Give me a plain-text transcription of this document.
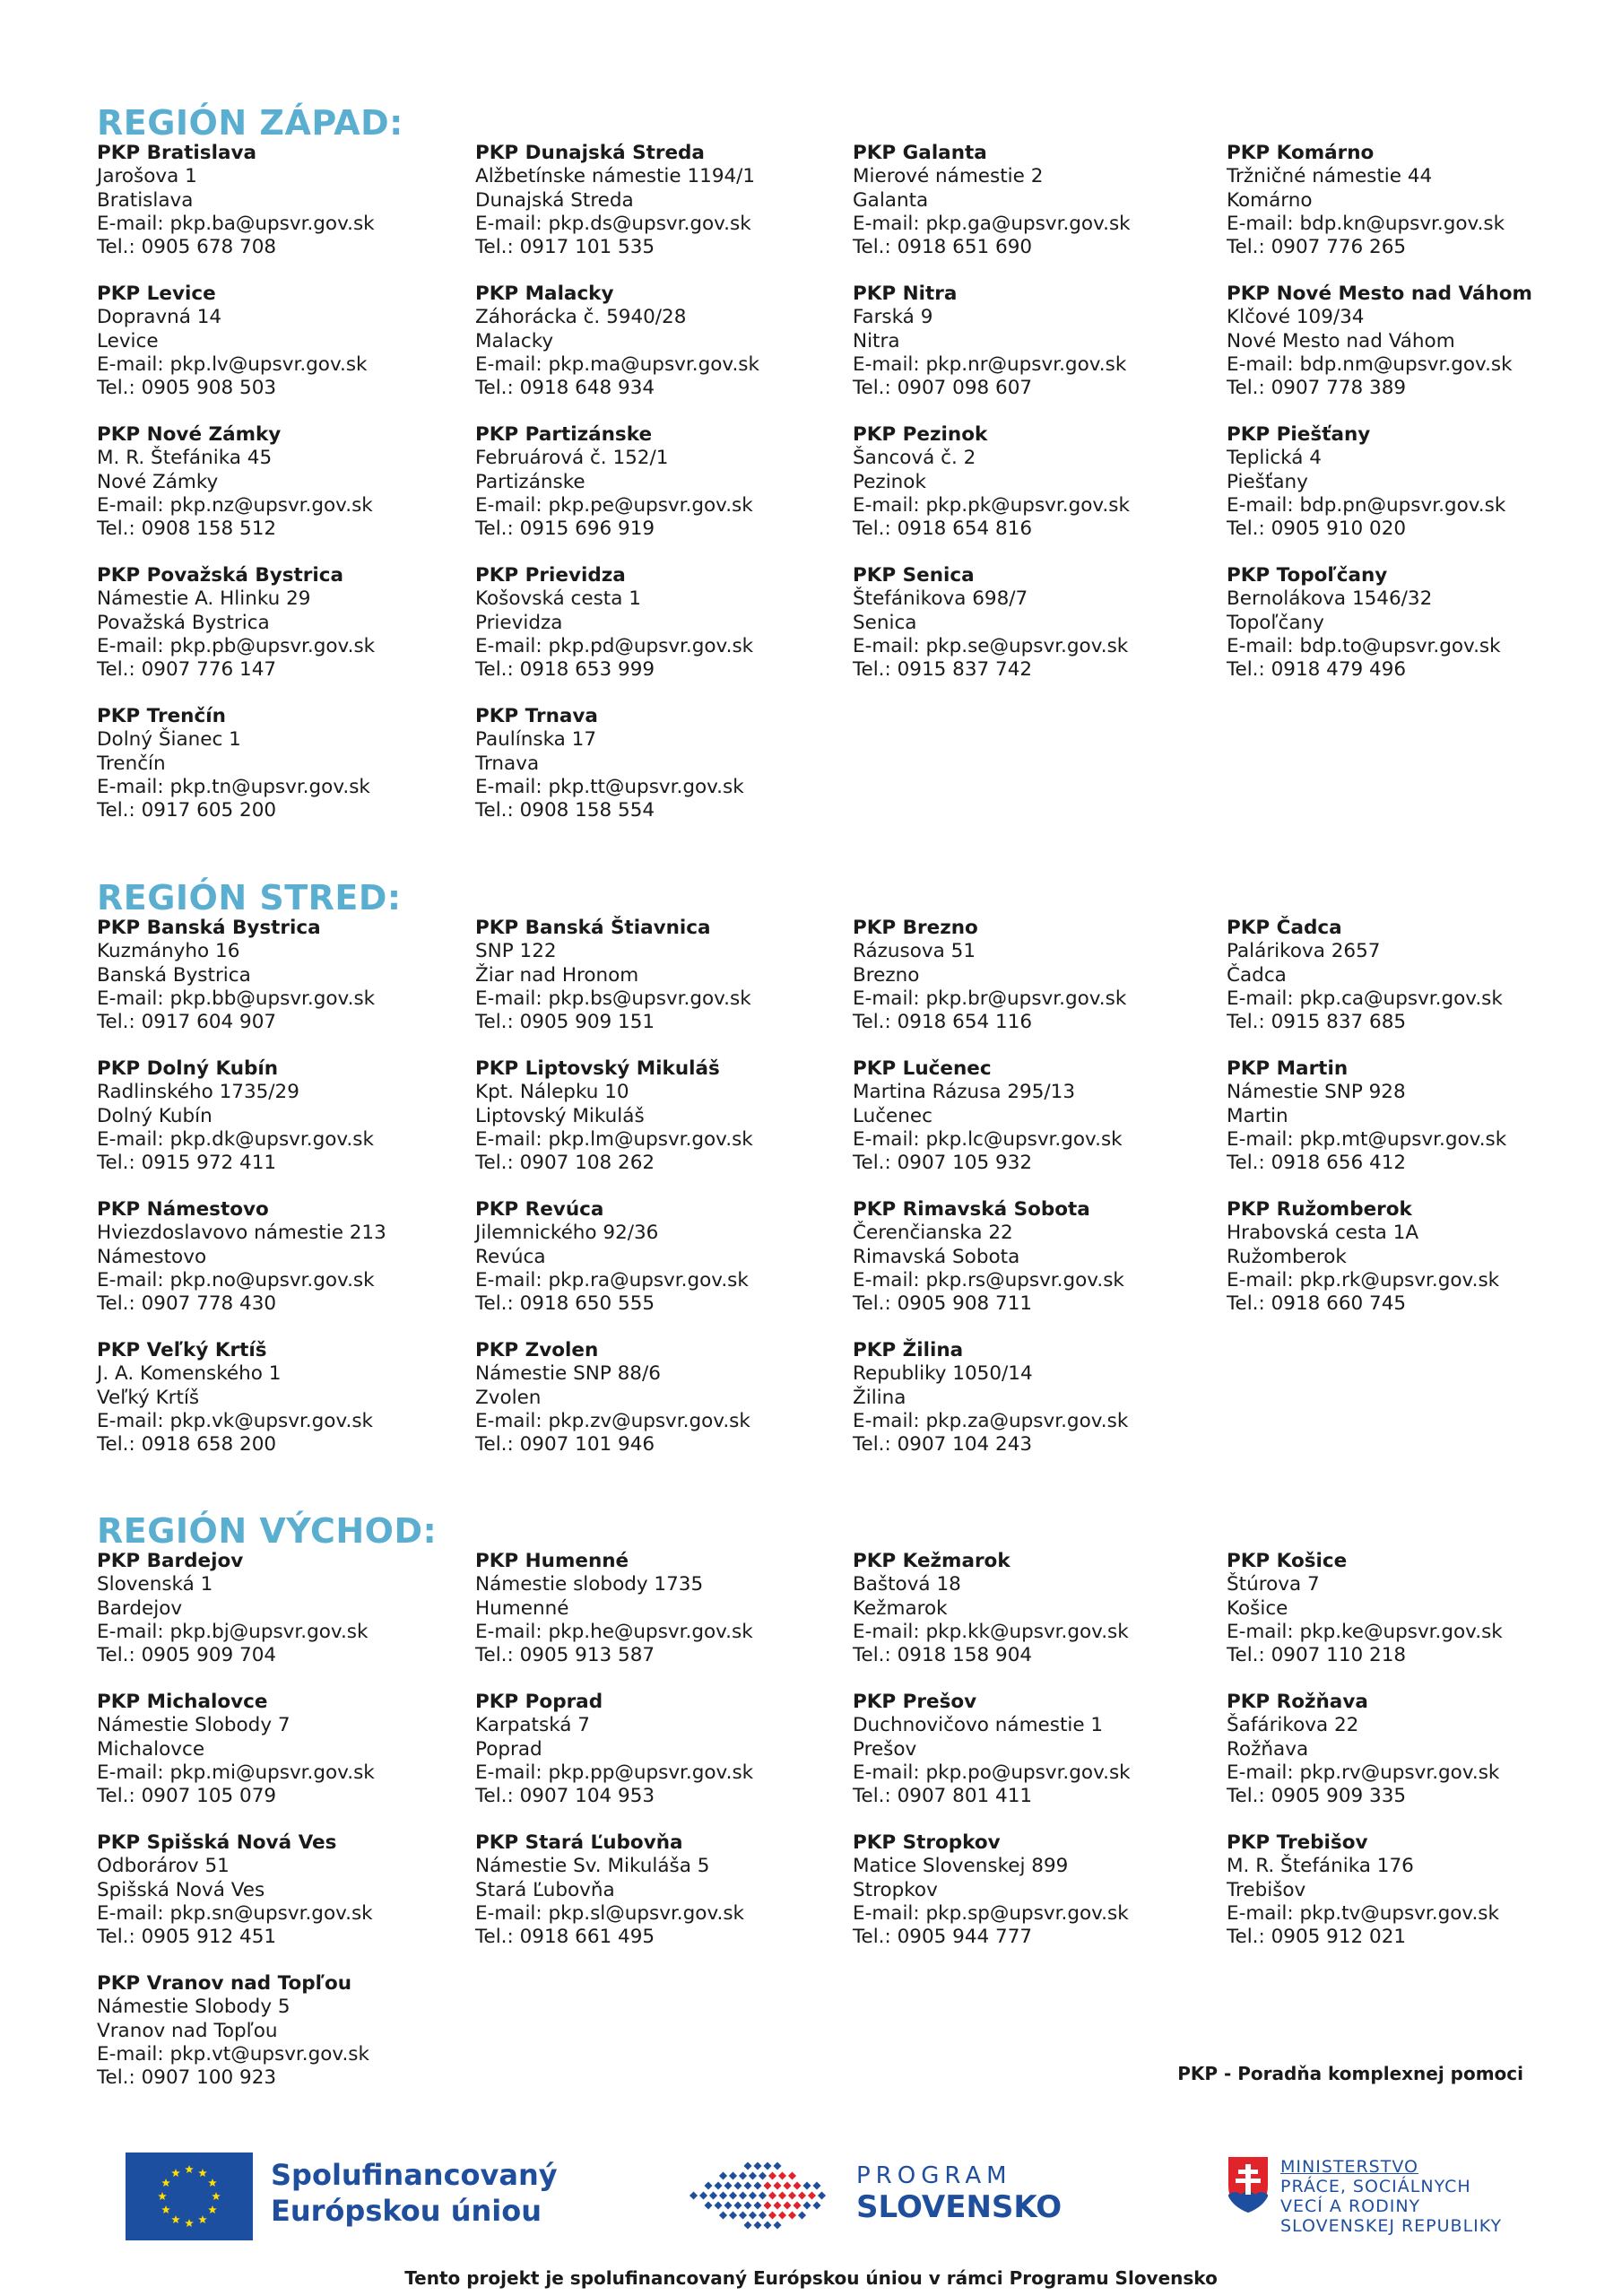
REGIÓN ZÁPAD:
PKP Bratislava
Jarošova 1
Bratislava
E-mail: pkp.ba@upsvr.gov.sk
Tel.: 0905 678 708
PKP Dunajská Streda
Alžbetínske námestie 1194/1
Dunajská Streda
E-mail: pkp.ds@upsvr.gov.sk
Tel.: 0917 101 535
PKP Galanta
Mierové námestie 2
Galanta
E-mail: pkp.ga@upsvr.gov.sk
Tel.: 0918 651 690
PKP Komárno
Tržničné námestie 44
Komárno
E-mail: bdp.kn@upsvr.gov.sk
Tel.: 0907 776 265
PKP Levice
Dopravná 14
Levice
E-mail: pkp.lv@upsvr.gov.sk
Tel.: 0905 908 503
PKP Malacky
Záhorácka č. 5940/28
Malacky
E-mail: pkp.ma@upsvr.gov.sk
Tel.: 0918 648 934
PKP Nitra
Farská 9
Nitra
E-mail: pkp.nr@upsvr.gov.sk
Tel.: 0907 098 607
PKP Nové Mesto nad Váhom
Klčové 109/34
Nové Mesto nad Váhom
E-mail: bdp.nm@upsvr.gov.sk
Tel.: 0907 778 389
PKP Nové Zámky
M. R. Štefánika 45
Nové Zámky
E-mail: pkp.nz@upsvr.gov.sk
Tel.: 0908 158 512
PKP Partizánske
Februárová č. 152/1
Partizánske
E-mail: pkp.pe@upsvr.gov.sk
Tel.: 0915 696 919
PKP Pezinok
Šancová č. 2
Pezinok
E-mail: pkp.pk@upsvr.gov.sk
Tel.: 0918 654 816
PKP Piešťany
Teplická 4
Piešťany
E-mail: bdp.pn@upsvr.gov.sk
Tel.: 0905 910 020
PKP Považská Bystrica
Námestie A. Hlinku 29
Považská Bystrica
E-mail: pkp.pb@upsvr.gov.sk
Tel.: 0907 776 147
PKP Prievidza
Košovská cesta 1
Prievidza
E-mail: pkp.pd@upsvr.gov.sk
Tel.: 0918 653 999
PKP Senica
Štefánikova 698/7
Senica
E-mail: pkp.se@upsvr.gov.sk
Tel.: 0915 837 742
PKP Topoľčany
Bernolákova 1546/32
Topoľčany
E-mail: bdp.to@upsvr.gov.sk
Tel.: 0918 479 496
PKP Trenčín
Dolný Šianec 1
Trenčín
E-mail: pkp.tn@upsvr.gov.sk
Tel.: 0917 605 200
PKP Trnava
Paulínska 17
Trnava
E-mail: pkp.tt@upsvr.gov.sk
Tel.: 0908 158 554
REGIÓN STRED:
PKP Banská Bystrica
Kuzmányho 16
Banská Bystrica
E-mail: pkp.bb@upsvr.gov.sk
Tel.: 0917 604 907
PKP Banská Štiavnica
SNP 122
Žiar nad Hronom
E-mail: pkp.bs@upsvr.gov.sk
Tel.: 0905 909 151
PKP Brezno
Rázusova 51
Brezno
E-mail: pkp.br@upsvr.gov.sk
Tel.: 0918 654 116
PKP Čadca
Palárikova 2657
Čadca
E-mail: pkp.ca@upsvr.gov.sk
Tel.: 0915 837 685
PKP Dolný Kubín
Radlinského 1735/29
Dolný Kubín
E-mail: pkp.dk@upsvr.gov.sk
Tel.: 0915 972 411
PKP Liptovský Mikuláš
Kpt. Nálepku 10
Liptovský Mikuláš
E-mail: pkp.lm@upsvr.gov.sk
Tel.: 0907 108 262
PKP Lučenec
Martina Rázusa 295/13
Lučenec
E-mail: pkp.lc@upsvr.gov.sk
Tel.: 0907 105 932
PKP Martin
Námestie SNP 928
Martin
E-mail: pkp.mt@upsvr.gov.sk
Tel.: 0918 656 412
PKP Námestovo
Hviezdoslavovo námestie 213
Námestovo
E-mail: pkp.no@upsvr.gov.sk
Tel.: 0907 778 430
PKP Revúca
Jilemnického 92/36
Revúca
E-mail: pkp.ra@upsvr.gov.sk
Tel.: 0918 650 555
PKP Rimavská Sobota
Čerenčianska 22
Rimavská Sobota
E-mail: pkp.rs@upsvr.gov.sk
Tel.: 0905 908 711
PKP Ružomberok
Hrabovská cesta 1A
Ružomberok
E-mail: pkp.rk@upsvr.gov.sk
Tel.: 0918 660 745
PKP Veľký Krtíš
J. A. Komenského 1
Veľký Krtíš
E-mail: pkp.vk@upsvr.gov.sk
Tel.: 0918 658 200
PKP Zvolen
Námestie SNP 88/6
Zvolen
E-mail: pkp.zv@upsvr.gov.sk
Tel.: 0907 101 946
PKP Žilina
Republiky 1050/14
Žilina
E-mail: pkp.za@upsvr.gov.sk
Tel.: 0907 104 243
REGIÓN VÝCHOD:
PKP Bardejov
Slovenská 1
Bardejov
E-mail: pkp.bj@upsvr.gov.sk
Tel.: 0905 909 704
PKP Humenné
Námestie slobody 1735
Humenné
E-mail: pkp.he@upsvr.gov.sk
Tel.: 0905 913 587
PKP Kežmarok
Baštová 18
Kežmarok
E-mail: pkp.kk@upsvr.gov.sk
Tel.: 0918 158 904
PKP Košice
Štúrova 7
Košice
E-mail: pkp.ke@upsvr.gov.sk
Tel.: 0907 110 218
PKP Michalovce
Námestie Slobody 7
Michalovce
E-mail: pkp.mi@upsvr.gov.sk
Tel.: 0907 105 079
PKP Poprad
Karpatská 7
Poprad
E-mail: pkp.pp@upsvr.gov.sk
Tel.: 0907 104 953
PKP Prešov
Duchnovičovo námestie 1
Prešov
E-mail: pkp.po@upsvr.gov.sk
Tel.: 0907 801 411
PKP Rožňava
Šafárikova 22
Rožňava
E-mail: pkp.rv@upsvr.gov.sk
Tel.: 0905 909 335
PKP Spišská Nová Ves
Odborárov 51
Spišská Nová Ves
E-mail: pkp.sn@upsvr.gov.sk
Tel.: 0905 912 451
PKP Stará Ľubovňa
Námestie Sv. Mikuláša 5
Stará Ľubovňa
E-mail: pkp.sl@upsvr.gov.sk
Tel.: 0918 661 495
PKP Stropkov
Matice Slovenskej 899
Stropkov
E-mail: pkp.sp@upsvr.gov.sk
Tel.: 0905 944 777
PKP Trebišov
M. R. Štefánika 176
Trebišov
E-mail: pkp.tv@upsvr.gov.sk
Tel.: 0905 912 021
PKP Vranov nad Topľou
Námestie Slobody 5
Vranov nad Topľou
E-mail: pkp.vt@upsvr.gov.sk
Tel.: 0907 100 923	PKP - Poradňa komplexnej pomoci
Spolufinancovaný
Európskou úniou
PROGRAM
SLOVENSKO
MINISTERSTVO
PRÁCE, SOCIÁLNYCH
VECÍ A RODINY
SLOVENSKEJ REPUBLIKY
Tento projekt je spolufinancovaný Európskou úniou v rámci Programu Slovensko
